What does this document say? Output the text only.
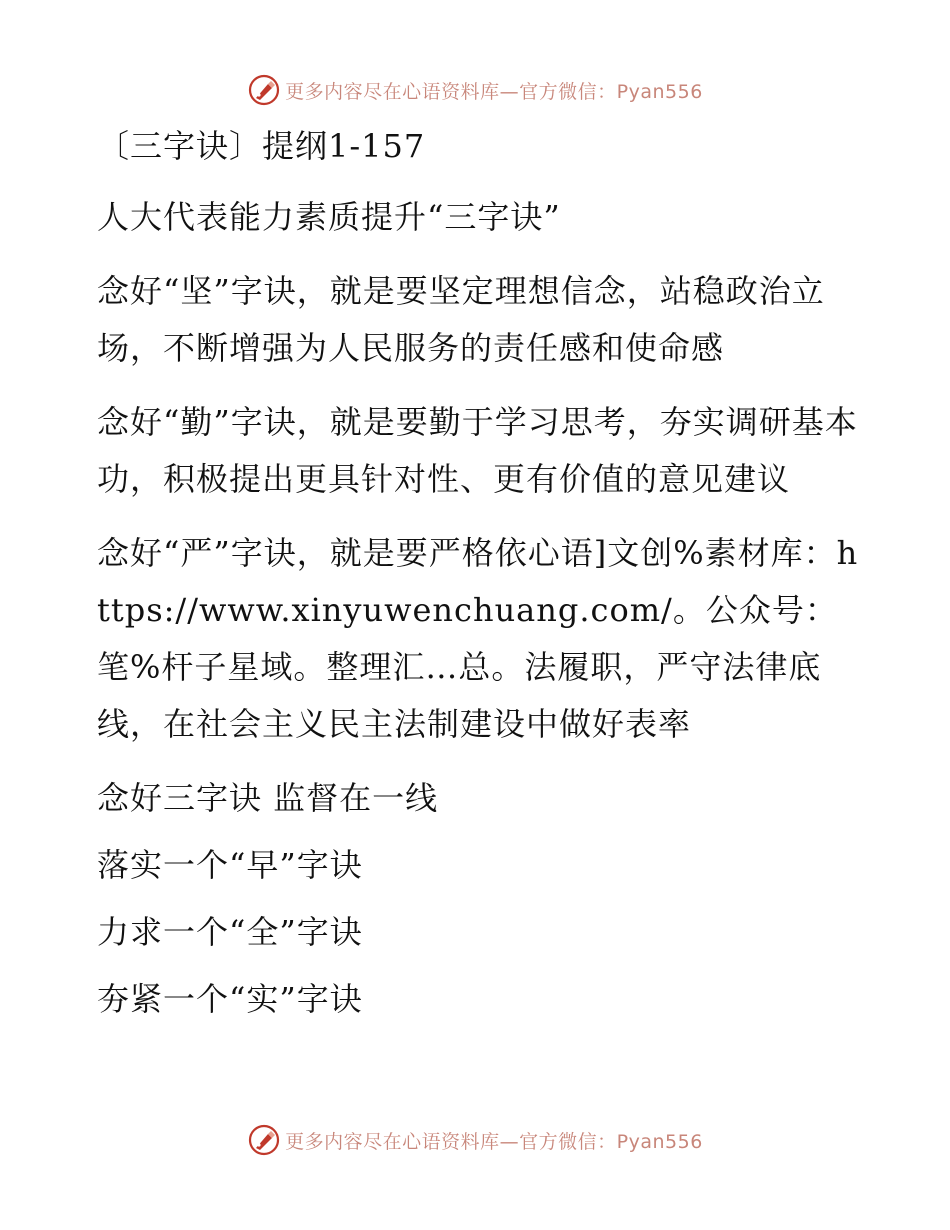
更多内容尽在心语资料库—官方微信：Pyan556

〔三字诀〕提纲1-157

人大代表能力素质提升“三字诀”

念好“坚”字诀，就是要坚定理想信念，站稳政治立场，不断增强为人民服务的责任感和使命感

念好“勤”字诀，就是要勤于学习思考，夯实调研基本功，积极提出更具针对性、更有价值的意见建议

念好“严”字诀，就是要严格依心语]文创%素材库：https://www.xinyuwenchuang.com/。公众号：笔%杆子星域。整理汇…总。法履职，严守法律底线，在社会主义民主法制建设中做好表率

念好三字诀 监督在一线

落实一个“早”字诀

力求一个“全”字诀

夯紧一个“实”字诀

更多内容尽在心语资料库—官方微信：Pyan556
